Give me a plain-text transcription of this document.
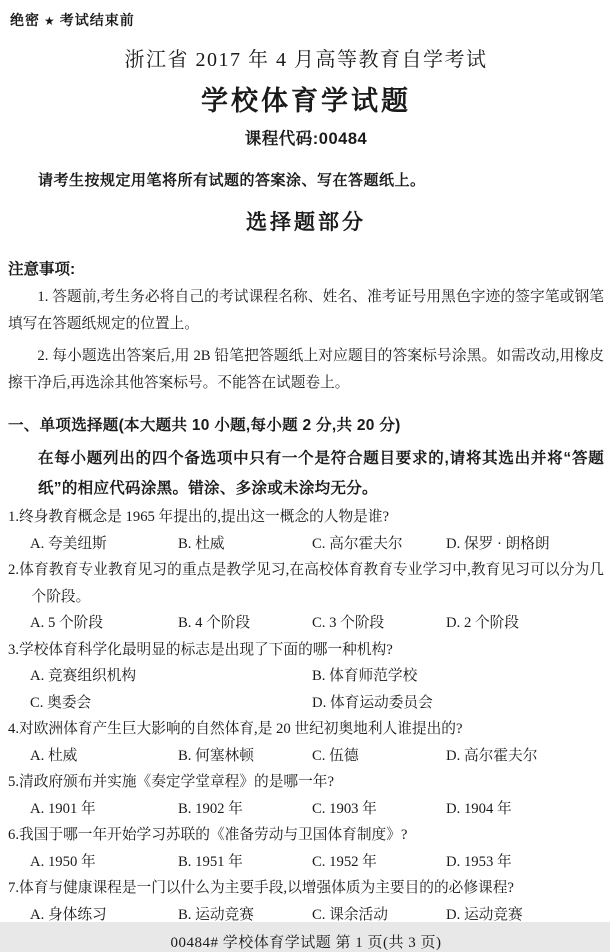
绝密 ★ 考试结束前
浙江省 2017 年 4 月高等教育自学考试
学校体育学试题
课程代码:00484

请考生按规定用笔将所有试题的答案涂、写在答题纸上。

选择题部分
注意事项:

1. 答题前,考生务必将自己的考试课程名称、姓名、准考证号用黑色字迹的签字笔或钢笔填写在答题纸规定的位置上。

2. 每小题选出答案后,用 2B 铅笔把答题纸上对应题目的答案标号涂黑。如需改动,用橡皮擦干净后,再选涂其他答案标号。不能答在试题卷上。

一、单项选择题(本大题共 10 小题,每小题 2 分,共 20 分)

在每小题列出的四个备选项中只有一个是符合题目要求的,请将其选出并将“答题纸”的相应代码涂黑。错涂、多涂或未涂均无分。

1.终身教育概念是 1965 年提出的,提出这一概念的人物是谁?

A. 夸美纽斯	B. 杜威	C. 高尔霍夫尔	D. 保罗 · 朗格朗

2.体育教育专业教育见习的重点是教学见习,在高校体育教育专业学习中,教育见习可以分为几个阶段。

A. 5 个阶段	B. 4 个阶段	C. 3 个阶段	D. 2 个阶段

3.学校体育科学化最明显的标志是出现了下面的哪一种机构?

A. 竞赛组织机构	B. 体育师范学校
C. 奥委会	D. 体育运动委员会

4.对欧洲体育产生巨大影响的自然体育,是 20 世纪初奥地利人谁提出的?

A. 杜威	B. 何塞林顿	C. 伍德	D. 高尔霍夫尔

5.清政府颁布并实施《奏定学堂章程》的是哪一年?

A. 1901 年	B. 1902 年	C. 1903 年	D. 1904 年

6.我国于哪一年开始学习苏联的《准备劳动与卫国体育制度》?

A. 1950 年	B. 1951 年	C. 1952 年	D. 1953 年

7.体育与健康课程是一门以什么为主要手段,以增强体质为主要目的的必修课程?

A. 身体练习	B. 运动竞赛	C. 课余活动	D. 运动竞赛
00484# 学校体育学试题 第 1 页(共 3 页)
